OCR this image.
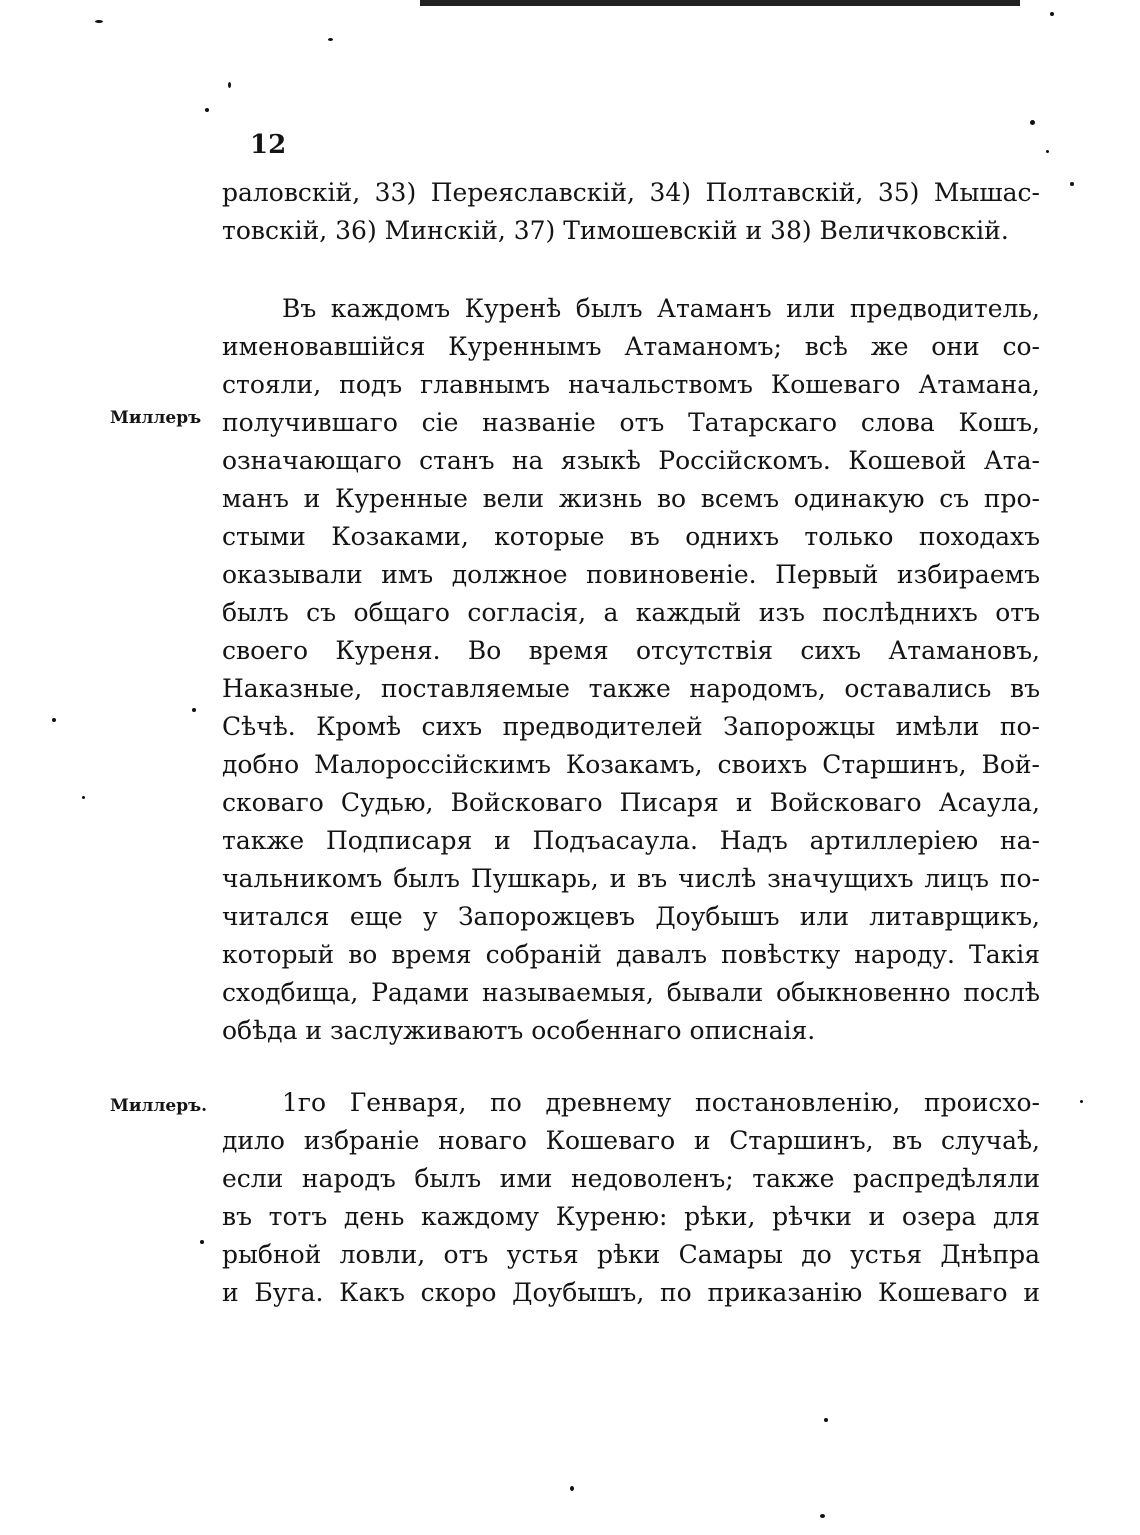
12
раловскій, 33) Переяславскій, 34) Полтавскій, 35) Мышас-
товскій, 36) Минскій, 37) Тимошевскій и 38) Величковскій.
Миллеръ
Въ каждомъ Куренѣ былъ Атаманъ или предводитель,
именовавшійся Куреннымъ Атаманомъ; всѣ же они со-
стояли, подъ главнымъ начальствомъ Кошеваго Атамана,
получившаго сіе названіе отъ Татарскаго слова Кошъ,
означающаго станъ на языкѣ Россійскомъ. Кошевой Ата-
манъ и Куренные вели жизнь во всемъ одинакую съ про-
стыми Козаками, которые въ однихъ только походахъ
оказывали имъ должное повиновеніе. Первый избираемъ
былъ съ общаго согласія, а каждый изъ послѣднихъ отъ
своего Куреня. Во время отсутствія сихъ Атамановъ,
Наказные, поставляемые также народомъ, оставались въ
Сѣчѣ. Кромѣ сихъ предводителей Запорожцы имѣли по-
добно Малороссійскимъ Козакамъ, своихъ Старшинъ, Вой-
сковаго Судью, Войсковаго Писаря и Войсковаго Асаула,
также Подписаря и Подъасаула. Надъ артиллеріею на-
чальникомъ былъ Пушкарь, и въ числѣ значущихъ лицъ по-
читался еще у Запорожцевъ Доубышъ или литаврщикъ,
который во время собраній давалъ повѣстку народу. Такія
сходбища, Радами называемыя, бывали обыкновенно послѣ
обѣда и заслуживаютъ особеннаго описнаія.
Миллеръ.	1го Генваря, по древнему постановленію, происхо-
дило избраніе новаго Кошеваго и Старшинъ, въ случаѣ,
если народъ былъ ими недоволенъ; также распредѣляли
въ тотъ день каждому Куреню: рѣки, рѣчки и озера для
рыбной ловли, отъ устья рѣки Самары до устья Днѣпра
и Буга. Какъ скоро Доубышъ, по приказанію Кошеваго и
